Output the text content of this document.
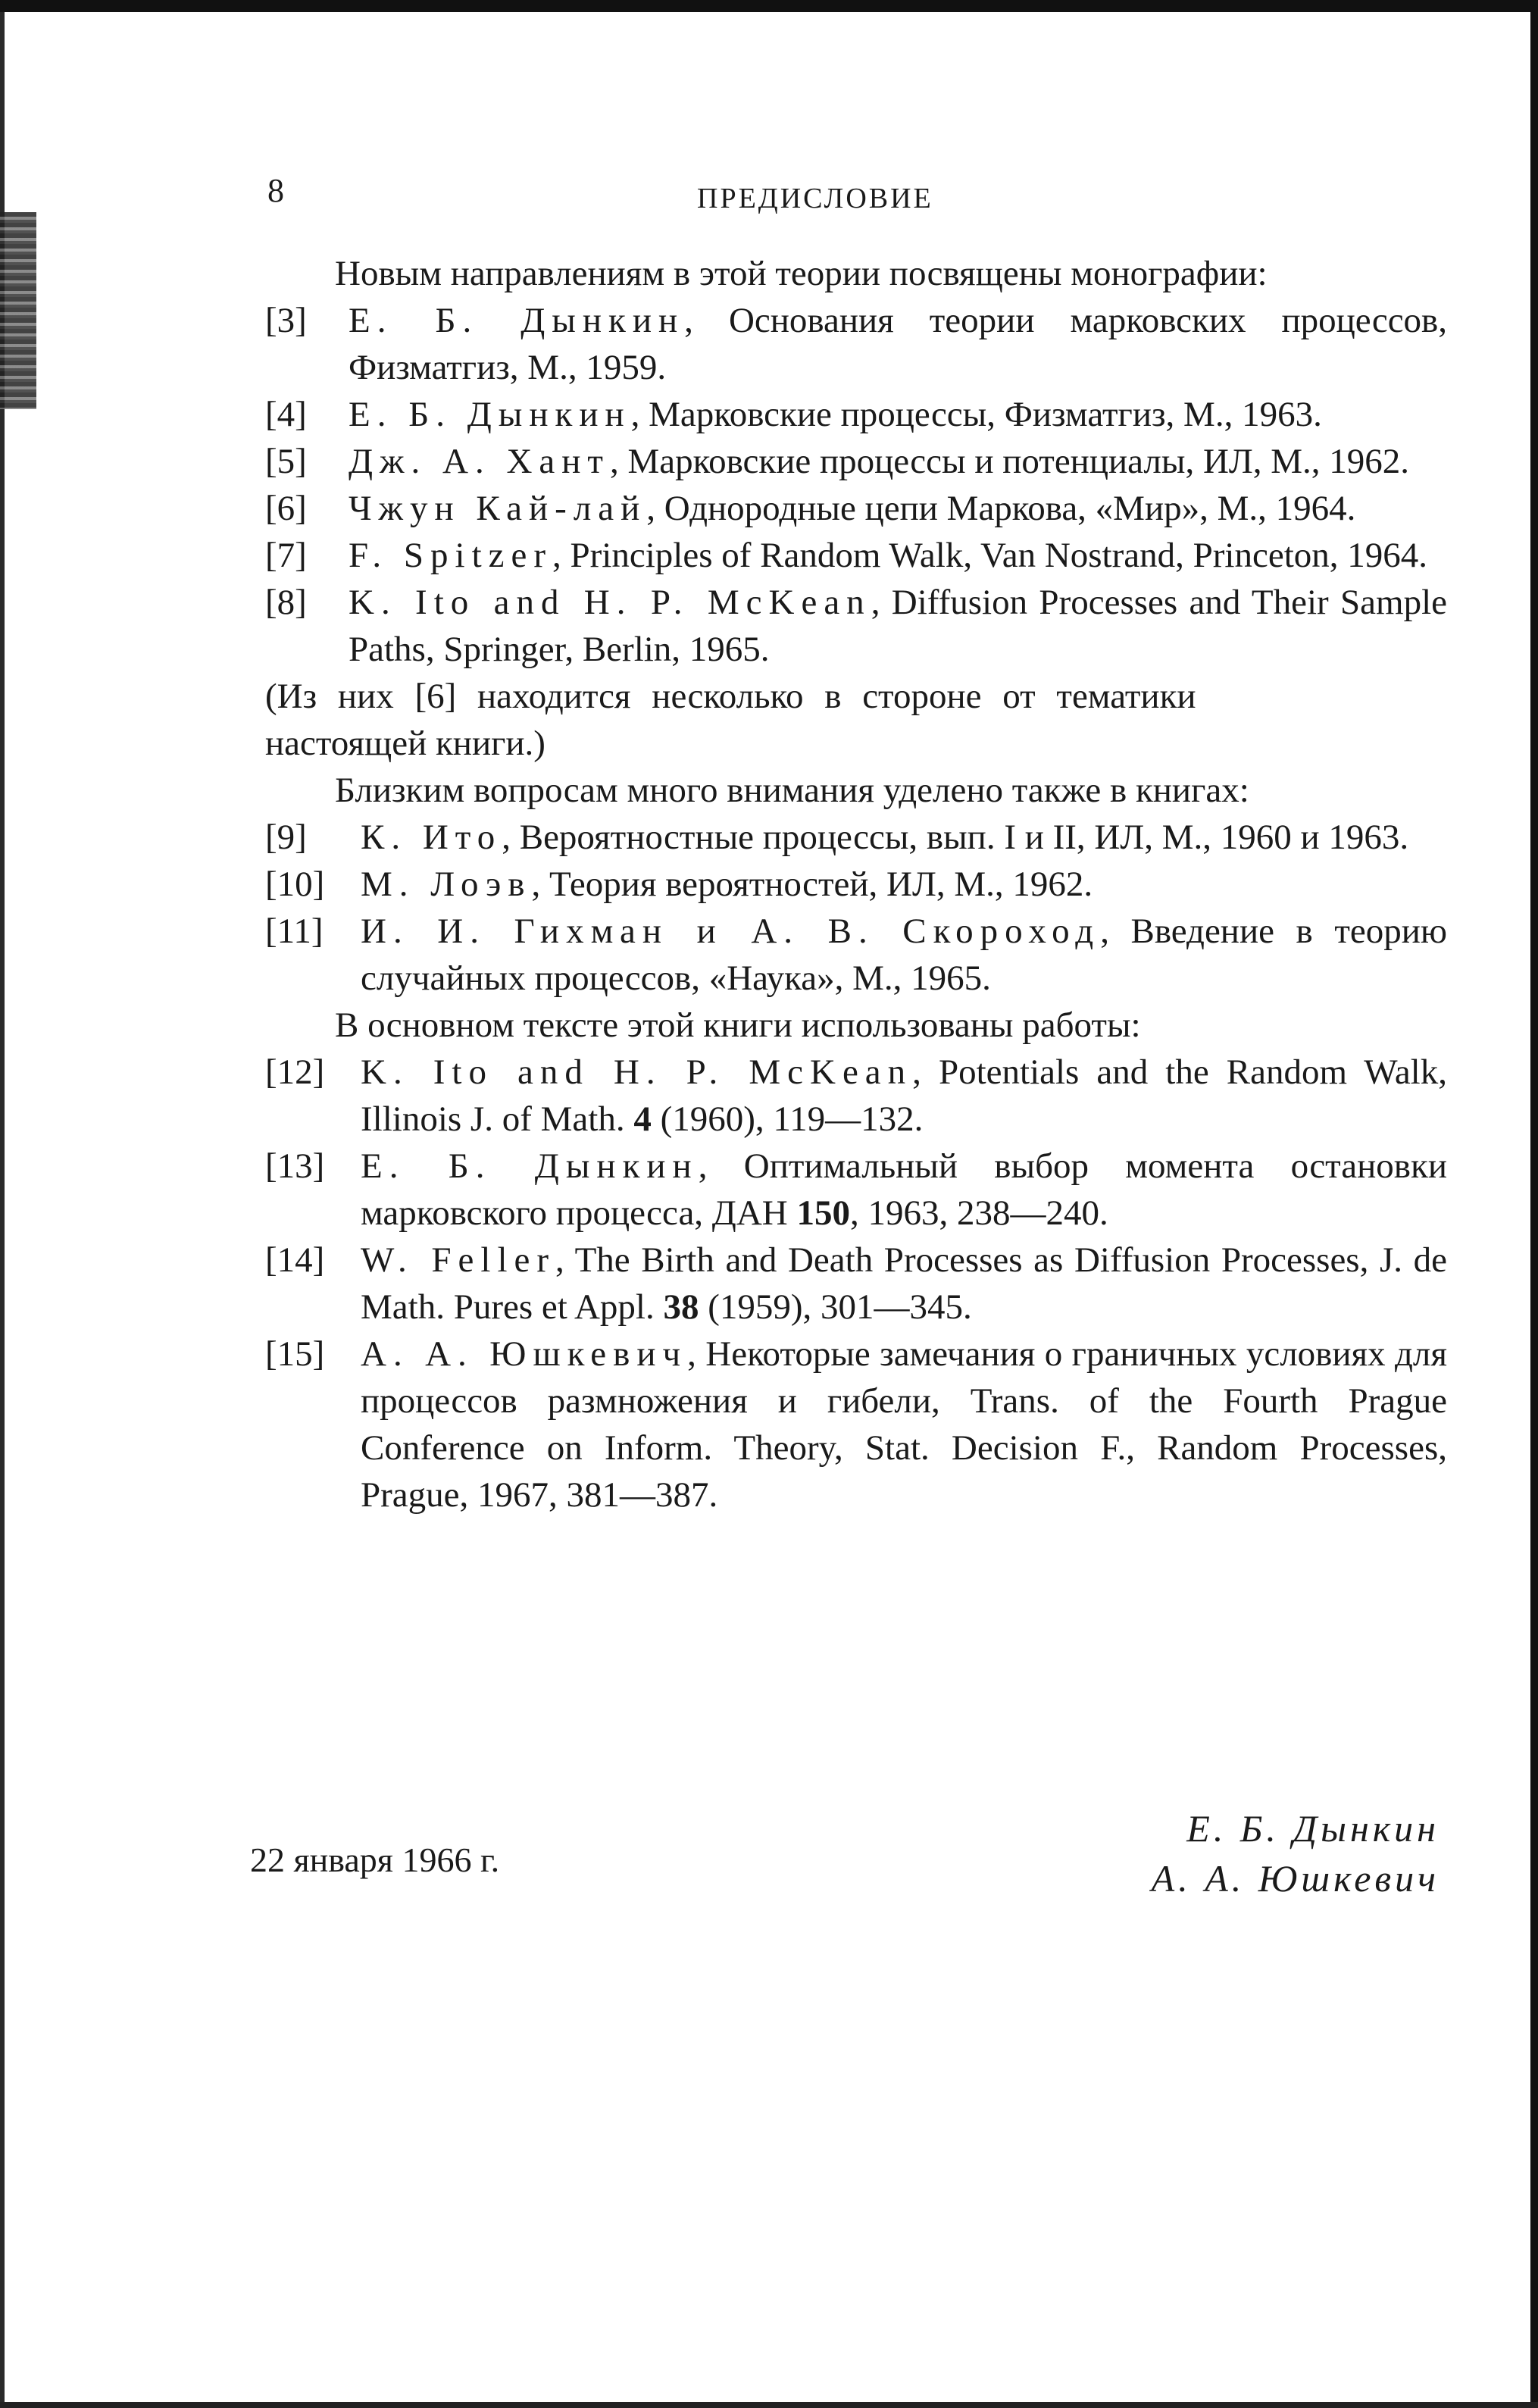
8	ПРЕДИСЛОВИЕ

Новым направлениям в этой теории посвящены монографии:

[3] Е. Б. Дынкин, Основания теории марковских процессов, Физматгиз, М., 1959.

[4] Е. Б. Дынкин, Марковские процессы, Физматгиз, М., 1963.

[5] Дж. А. Хант, Марковские процессы и потенциалы, ИЛ, М., 1962.

[6] Чжун Кай-лай, Однородные цепи Маркова, «Мир», М., 1964.

[7] F. Spitzer, Principles of Random Walk, Van Nostrand, Princeton, 1964.

[8] K. Ito and H. P. McKean, Diffusion Processes and Their Sample Paths, Springer, Berlin, 1965.

(Из них [6] находится несколько в стороне от тематики
настоящей книги.)

Близким вопросам много внимания уделено также в книгах:

[9] К. Ито, Вероятностные процессы, вып. I и II, ИЛ, М., 1960 и 1963.

[10] М. Лоэв, Теория вероятностей, ИЛ, М., 1962.

[11] И. И. Гихман и А. В. Скороход, Введение в теорию случайных процессов, «Наука», М., 1965.

В основном тексте этой книги использованы работы:

[12] K. Ito and H. P. McKean, Potentials and the Random Walk, Illinois J. of Math. 4 (1960), 119—132.

[13] Е. Б. Дынкин, Оптимальный выбор момента остановки марковского процесса, ДАН 150, 1963, 238—240.

[14] W. Feller, The Birth and Death Processes as Diffusion Processes, J. de Math. Pures et Appl. 38 (1959), 301—345.

[15] А. А. Юшкевич, Некоторые замечания о граничных условиях для процессов размножения и гибели, Trans. of the Fourth Prague Conference on Inform. Theory, Stat. Decision F., Random Processes, Prague, 1967, 381—387.

22 января 1966 г.
Е. Б. Дынкин
А. А. Юшкевич
